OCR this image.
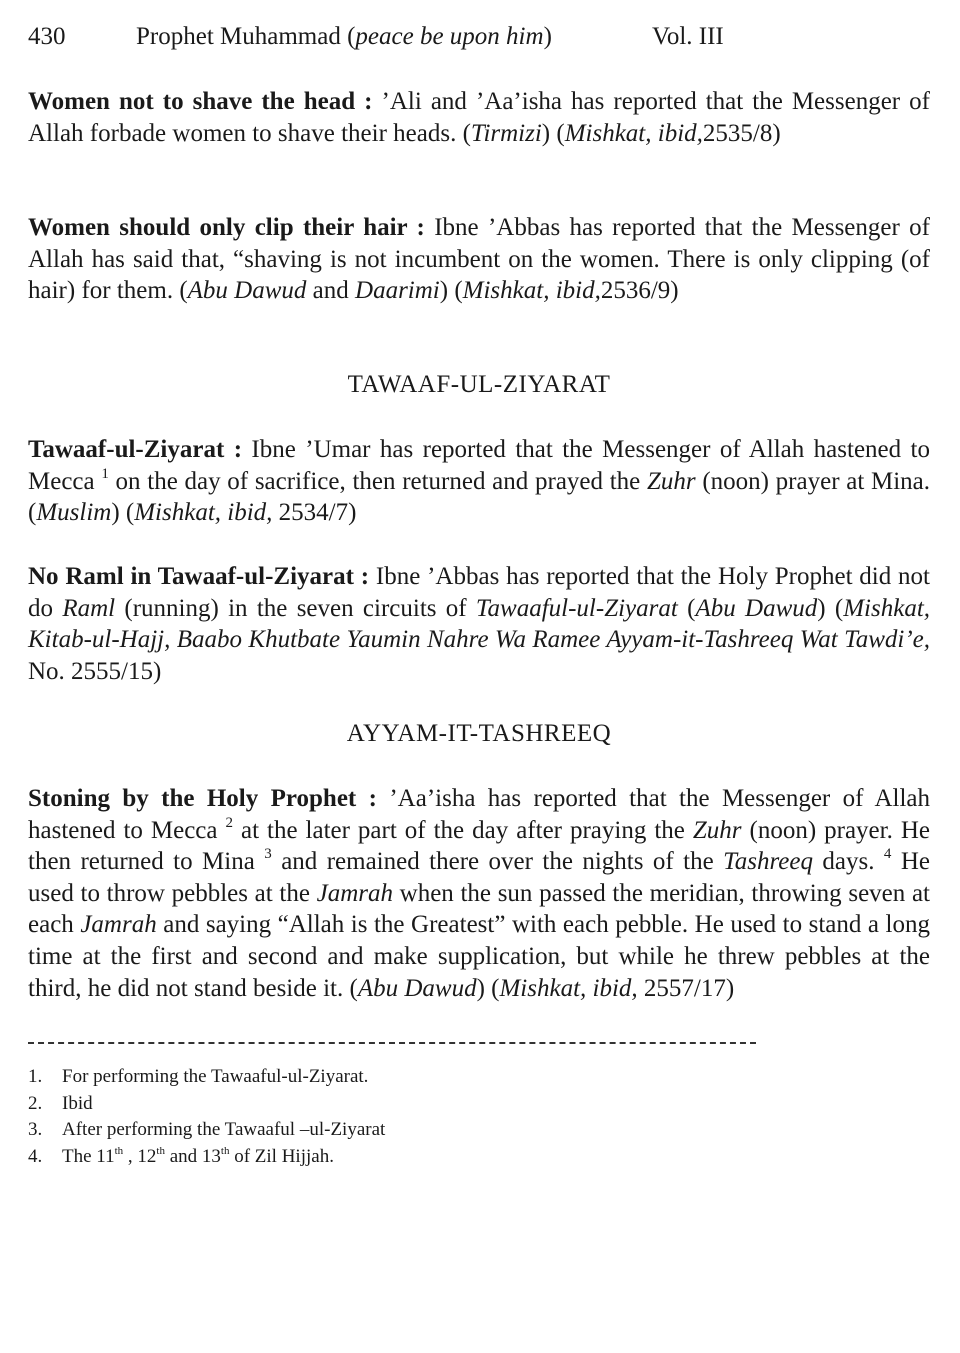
430	Prophet Muhammad (peace be upon him)	Vol. III

Women not to shave the head : ’Ali and ’Aa’isha has reported that the Messenger of Allah forbade women to shave their heads. (Tirmizi) (Mishkat, ibid,2535/8)

Women should only clip their hair : Ibne ’Abbas has reported that the Messenger of Allah has said that, “shaving is not incumbent on the women. There is only clipping (of hair) for them. (Abu Dawud and Daarimi) (Mishkat, ibid,2536/9)

TAWAAF-UL-ZIYARAT

Tawaaf-ul-Ziyarat : Ibne ’Umar has reported that the Messenger of Allah hastened to Mecca $^1$ on the day of sacrifice, then returned and prayed the Zuhr (noon) prayer at Mina. (Muslim) (Mishkat, ibid, 2534/7)

No Raml in Tawaaf-ul-Ziyarat : Ibne ’Abbas has reported that the Holy Prophet did not do Raml (running) in the seven circuits of Tawaaful-ul-Ziyarat (Abu Dawud) (Mishkat, Kitab-ul-Hajj, Baabo Khutbate Yaumin Nahre Wa Ramee Ayyam-it-Tashreeq Wat Tawdi’e, No. 2555/15)

AYYAM-IT-TASHREEQ

Stoning by the Holy Prophet : ’Aa’isha has reported that the Messenger of Allah hastened to Mecca $^2$ at the later part of the day after praying the Zuhr (noon) prayer. He then returned to Mina $^3$ and remained there over the nights of the Tashreeq days. $^4$ He used to throw pebbles at the Jamrah when the sun passed the meridian, throwing seven at each Jamrah and saying “Allah is the Greatest” with each pebble. He used to stand a long time at the first and second and make supplication, but while he threw pebbles at the third, he did not stand beside it. (Abu Dawud) (Mishkat, ibid, 2557/17)

1. For performing the Tawaaful-ul-Ziyarat.
2. Ibid
3. After performing the Tawaaful –ul-Ziyarat
4. The 11th , 12th and 13th of Zil Hijjah.
